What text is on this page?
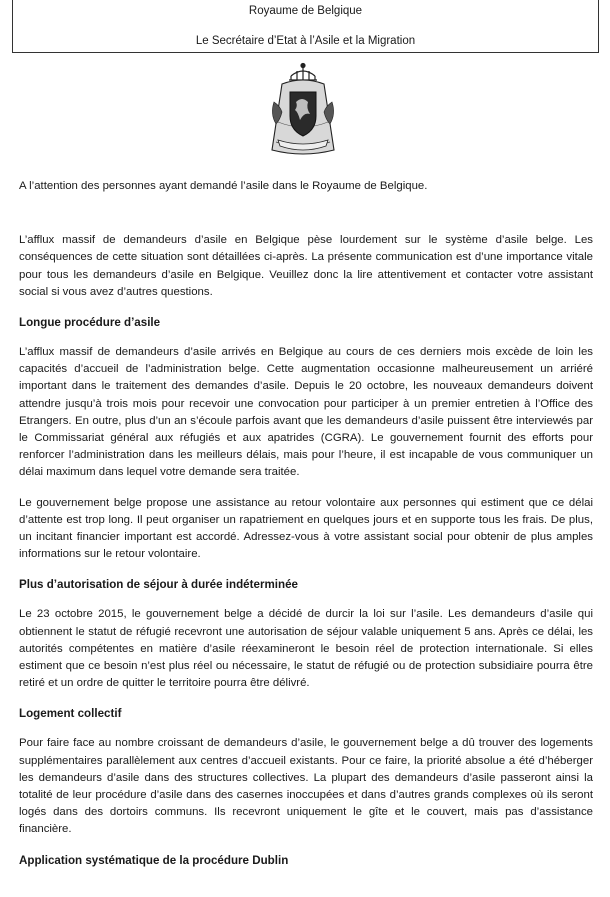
Royaume de Belgique
Le Secrétaire d’Etat à l’Asile et la Migration

A l’attention des personnes ayant demandé l’asile dans le Royaume de Belgique.

L’afflux massif de demandeurs d’asile en Belgique pèse lourdement sur le système d’asile belge. Les conséquences de cette situation sont détaillées ci-après. La présente communication est d’une importance vitale pour tous les demandeurs d’asile en Belgique. Veuillez donc la lire attentivement et contacter votre assistant social si vous avez d’autres questions.

Longue procédure d’asile

L’afflux massif de demandeurs d’asile arrivés en Belgique au cours de ces derniers mois excède de loin les capacités d’accueil de l’administration belge. Cette augmentation occasionne malheureusement un arriéré important dans le traitement des demandes d’asile. Depuis le 20 octobre, les nouveaux demandeurs doivent attendre jusqu’à trois mois pour recevoir une convocation pour participer à un premier entretien à l’Office des Etrangers. En outre, plus d’un an s’écoule parfois avant que les demandeurs d’asile puissent être interviewés par le Commissariat général aux réfugiés et aux apatrides (CGRA). Le gouvernement fournit des efforts pour renforcer l’administration dans les meilleurs délais, mais pour l’heure, il est incapable de vous communiquer un délai maximum dans lequel votre demande sera traitée.

Le gouvernement belge propose une assistance au retour volontaire aux personnes qui estiment que ce délai d’attente est trop long. Il peut organiser un rapatriement en quelques jours et en supporte tous les frais. De plus, un incitant financier important est accordé. Adressez-vous à votre assistant social pour obtenir de plus amples informations sur le retour volontaire.

Plus d’autorisation de séjour à durée indéterminée

Le 23 octobre 2015, le gouvernement belge a décidé de durcir la loi sur l’asile. Les demandeurs d’asile qui obtiennent le statut de réfugié recevront une autorisation de séjour valable uniquement 5 ans. Après ce délai, les autorités compétentes en matière d’asile réexamineront le besoin réel de protection internationale. Si elles estiment que ce besoin n’est plus réel ou nécessaire, le statut de réfugié ou de protection subsidiaire pourra être retiré et un ordre de quitter le territoire pourra être délivré.

Logement collectif

Pour faire face au nombre croissant de demandeurs d’asile, le gouvernement belge a dû trouver des logements supplémentaires parallèlement aux centres d’accueil existants. Pour ce faire, la priorité absolue a été d’héberger les demandeurs d’asile dans des structures collectives. La plupart des demandeurs d’asile passeront ainsi la totalité de leur procédure d’asile dans des casernes inoccupées et dans d’autres grands complexes où ils seront logés dans des dortoirs communs. Ils recevront uniquement le gîte et le couvert, mais pas d’assistance financière.

Application systématique de la procédure Dublin
